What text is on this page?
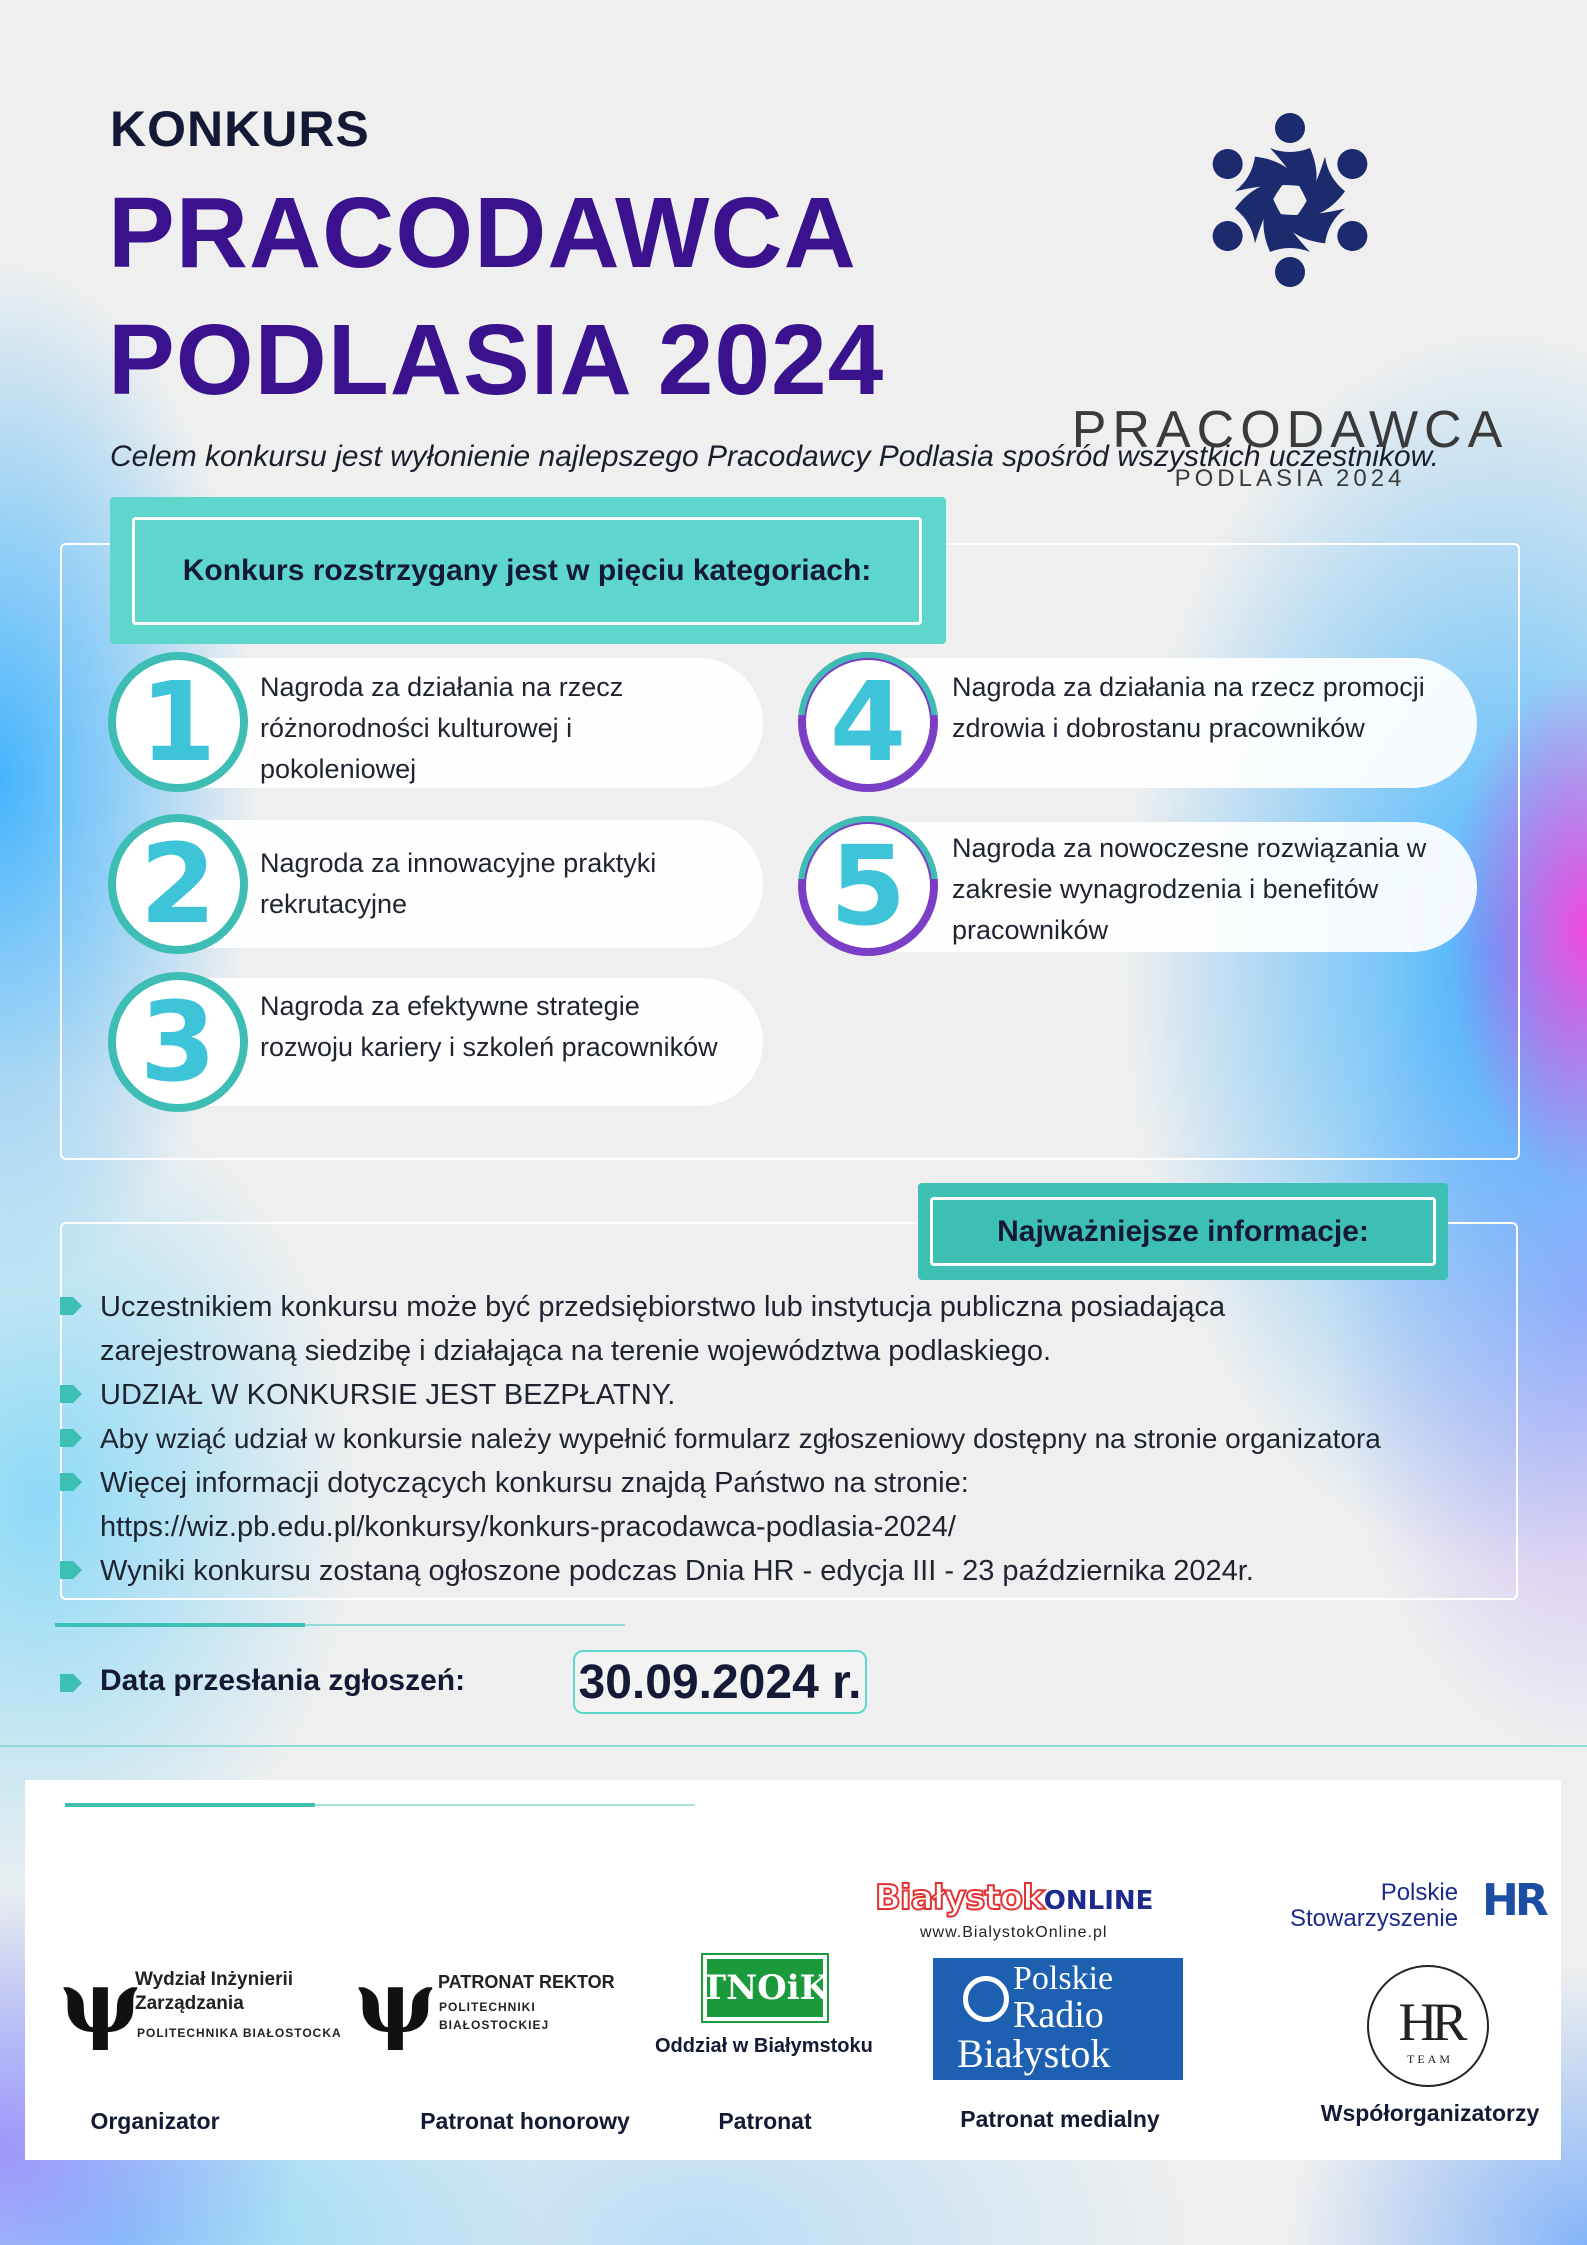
KONKURS
PRACODAWCA
PODLASIA 2024
Celem konkursu jest wyłonienie najlepszego Pracodawcy Podlasia spośród wszystkich uczestników.
PRACODAWCA
PODLASIA 2024
Konkurs rozstrzygany jest w pięciu kategoriach:
1	Nagroda za działania na rzecz różnorodności kulturowej i pokoleniowej
2	Nagroda za innowacyjne praktyki rekrutacyjne
3	Nagroda za efektywne strategie rozwoju kariery i szkoleń pracowników
4	Nagroda za działania na rzecz promocji zdrowia i dobrostanu pracowników
5	Nagroda za nowoczesne rozwiązania w zakresie wynagrodzenia i benefitów pracowników
Najważniejsze informacje:
Uczestnikiem konkursu może być przedsiębiorstwo lub instytucja publiczna posiadająca zarejestrowaną siedzibę i działająca na terenie województwa podlaskiego.
UDZIAŁ W KONKURSIE JEST BEZPŁATNY.
Aby wziąć udział w konkursie należy wypełnić formularz zgłoszeniowy dostępny na stronie organizatora
Więcej informacji dotyczących konkursu znajdą Państwo na stronie: https://wiz.pb.edu.pl/konkursy/konkurs-pracodawca-podlasia-2024/
Wyniki konkursu zostaną ogłoszone podczas Dnia HR - edycja III - 23 października 2024r.
Data przesłania zgłoszeń: 30.09.2024 r.
ψ
Wydział Inżynierii
Zarządzania
POLITECHNIKA BIAŁOSTOCKA
Organizator
ψ PATRONAT REKTOR
POLITECHNIKI
BIAŁOSTOCKIEJ
Patronat honorowy
TNOiK
Oddział w Białymstoku
Patronat
BiałystokONLINE
www.BialystokOnline.pl
Polskie
Radio
Białystok
Patronat medialny
Polskie
Stowarzyszenie HR
HR
TEAM
Współorganizatorzy
